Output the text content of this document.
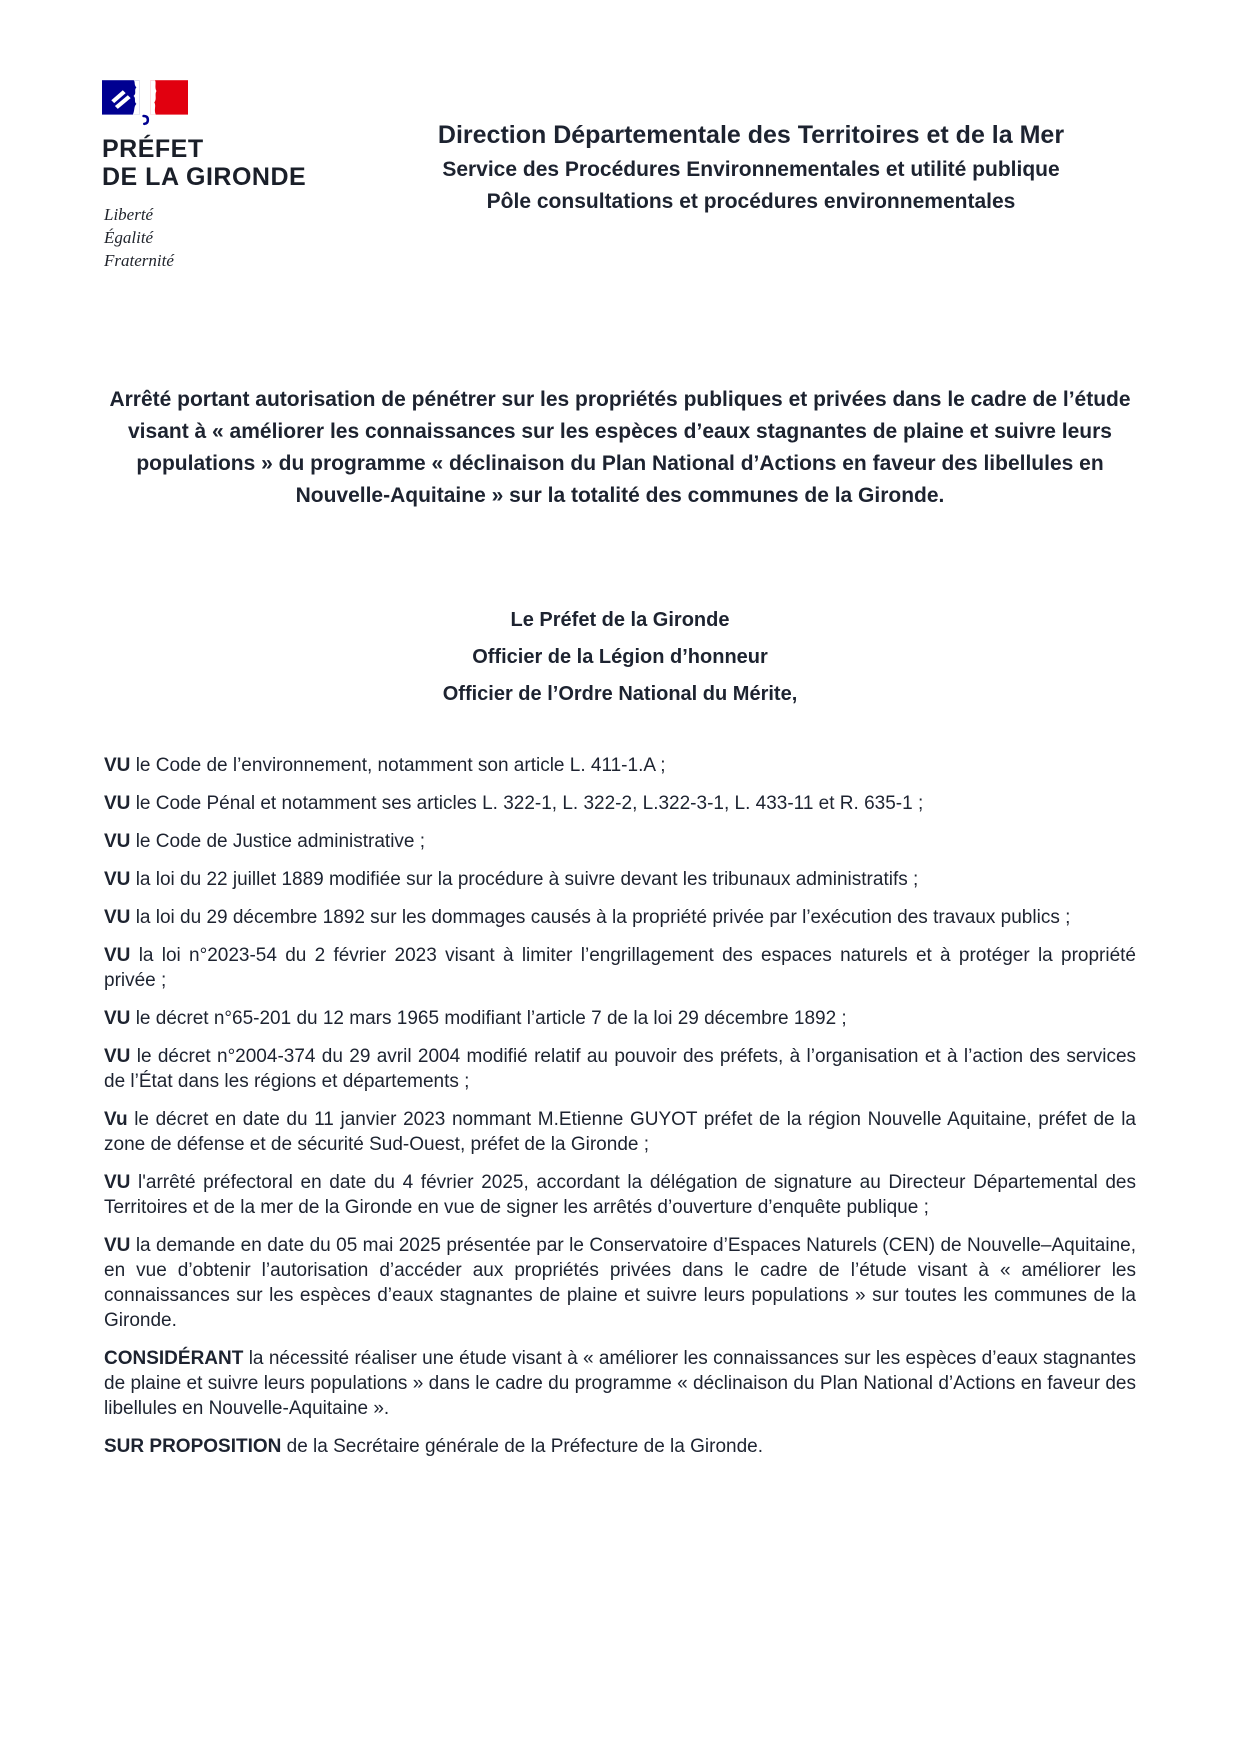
PRÉFET
DE LA GIRONDE
Liberté
Égalité
Fraternité
Direction Départementale des Territoires et de la Mer
Service des Procédures Environnementales et utilité publique
Pôle consultations et procédures environnementales
Arrêté portant autorisation de pénétrer sur les propriétés publiques et privées dans le cadre de l’étude visant à « améliorer les connaissances sur les espèces d’eaux stagnantes de plaine et suivre leurs populations » du programme « déclinaison du Plan National d’Actions en faveur des libellules en Nouvelle-Aquitaine » sur la totalité des communes de la Gironde.
Le Préfet de la Gironde
Officier de la Légion d’honneur
Officier de l’Ordre National du Mérite,

VU le Code de l’environnement, notamment son article L. 411-1.A ;

VU le Code Pénal et notamment ses articles L. 322-1, L. 322-2, L.322-3-1, L. 433-11 et R. 635-1 ;

VU le Code de Justice administrative ;

VU la loi du 22 juillet 1889 modifiée sur la procédure à suivre devant les tribunaux administratifs ;

VU la loi du 29 décembre 1892 sur les dommages causés à la propriété privée par l’exécution des travaux publics ;

VU la loi n°2023-54 du 2 février 2023 visant à limiter l’engrillagement des espaces naturels et à protéger la propriété privée ;

VU le décret n°65-201 du 12 mars 1965 modifiant l’article 7 de la loi 29 décembre 1892 ;

VU le décret n°2004-374 du 29 avril 2004 modifié relatif au pouvoir des préfets, à l’organisation et à l’action des services de l’État dans les régions et départements ;

Vu le décret en date du 11 janvier 2023 nommant M.Etienne GUYOT préfet de la région Nouvelle Aquitaine, préfet de la zone de défense et de sécurité Sud-Ouest, préfet de la Gironde ;

VU l'arrêté préfectoral en date du 4 février 2025, accordant la délégation de signature au Directeur Départemental des Territoires et de la mer de la Gironde en vue de signer les arrêtés d’ouverture d’enquête publique ;

VU la demande en date du 05 mai 2025 présentée par le Conservatoire d’Espaces Naturels (CEN) de Nouvelle–Aquitaine, en vue d’obtenir l’autorisation d’accéder aux propriétés privées dans le cadre de l’étude visant à « améliorer les connaissances sur les espèces d’eaux stagnantes de plaine et suivre leurs populations » sur toutes les communes de la Gironde.

CONSIDÉRANT la nécessité réaliser une étude visant à « améliorer les connaissances sur les espèces d’eaux stagnantes de plaine et suivre leurs populations » dans le cadre du programme « déclinaison du Plan National d’Actions en faveur des libellules en Nouvelle-Aquitaine ».

SUR PROPOSITION de la Secrétaire générale de la Préfecture de la Gironde.
